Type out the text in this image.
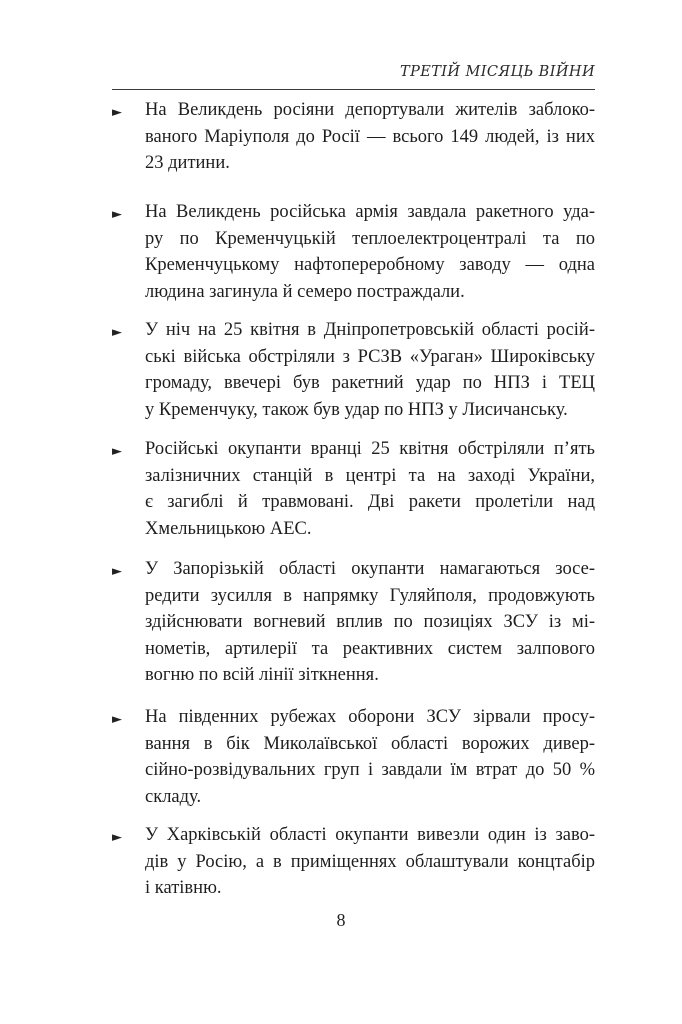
ТРЕТІЙ МІСЯЦЬ ВІЙНИ
► На Великдень росіяни депортували жителів заблоко-
ваного Маріуполя до Росії — всього 149 людей, із них
23 дитини.
► На Великдень російська армія завдала ракетного уда-
ру по Кременчуцькій теплоелектроцентралі та по
Кременчуцькому нафтопереробному заводу — одна
людина загинула й семеро постраждали.
► У ніч на 25 квітня в Дніпропетровській області росій-
ські війська обстріляли з РСЗВ «Ураган» Широківську
громаду, ввечері був ракетний удар по НПЗ і ТЕЦ
у Кременчуку, також був удар по НПЗ у Лисичанську.
► Російські окупанти вранці 25 квітня обстріляли п’ять
залізничних станцій в центрі та на заході України,
є загиблі й травмовані. Дві ракети пролетіли над
Хмельницькою АЕС.
► У Запорізькій області окупанти намагаються зосе-
редити зусилля в напрямку Гуляйполя, продовжують
здійснювати вогневий вплив по позиціях ЗСУ із мі-
нометів, артилерії та реактивних систем залпового
вогню по всій лінії зіткнення.
► На південних рубежах оборони ЗСУ зірвали просу-
вання в бік Миколаївської області ворожих дивер-
сійно-розвідувальних груп і завдали їм втрат до 50 %
складу.
► У Харківській області окупанти вивезли один із заво-
дів у Росію, а в приміщеннях облаштували концтабір
і катівню.
8
